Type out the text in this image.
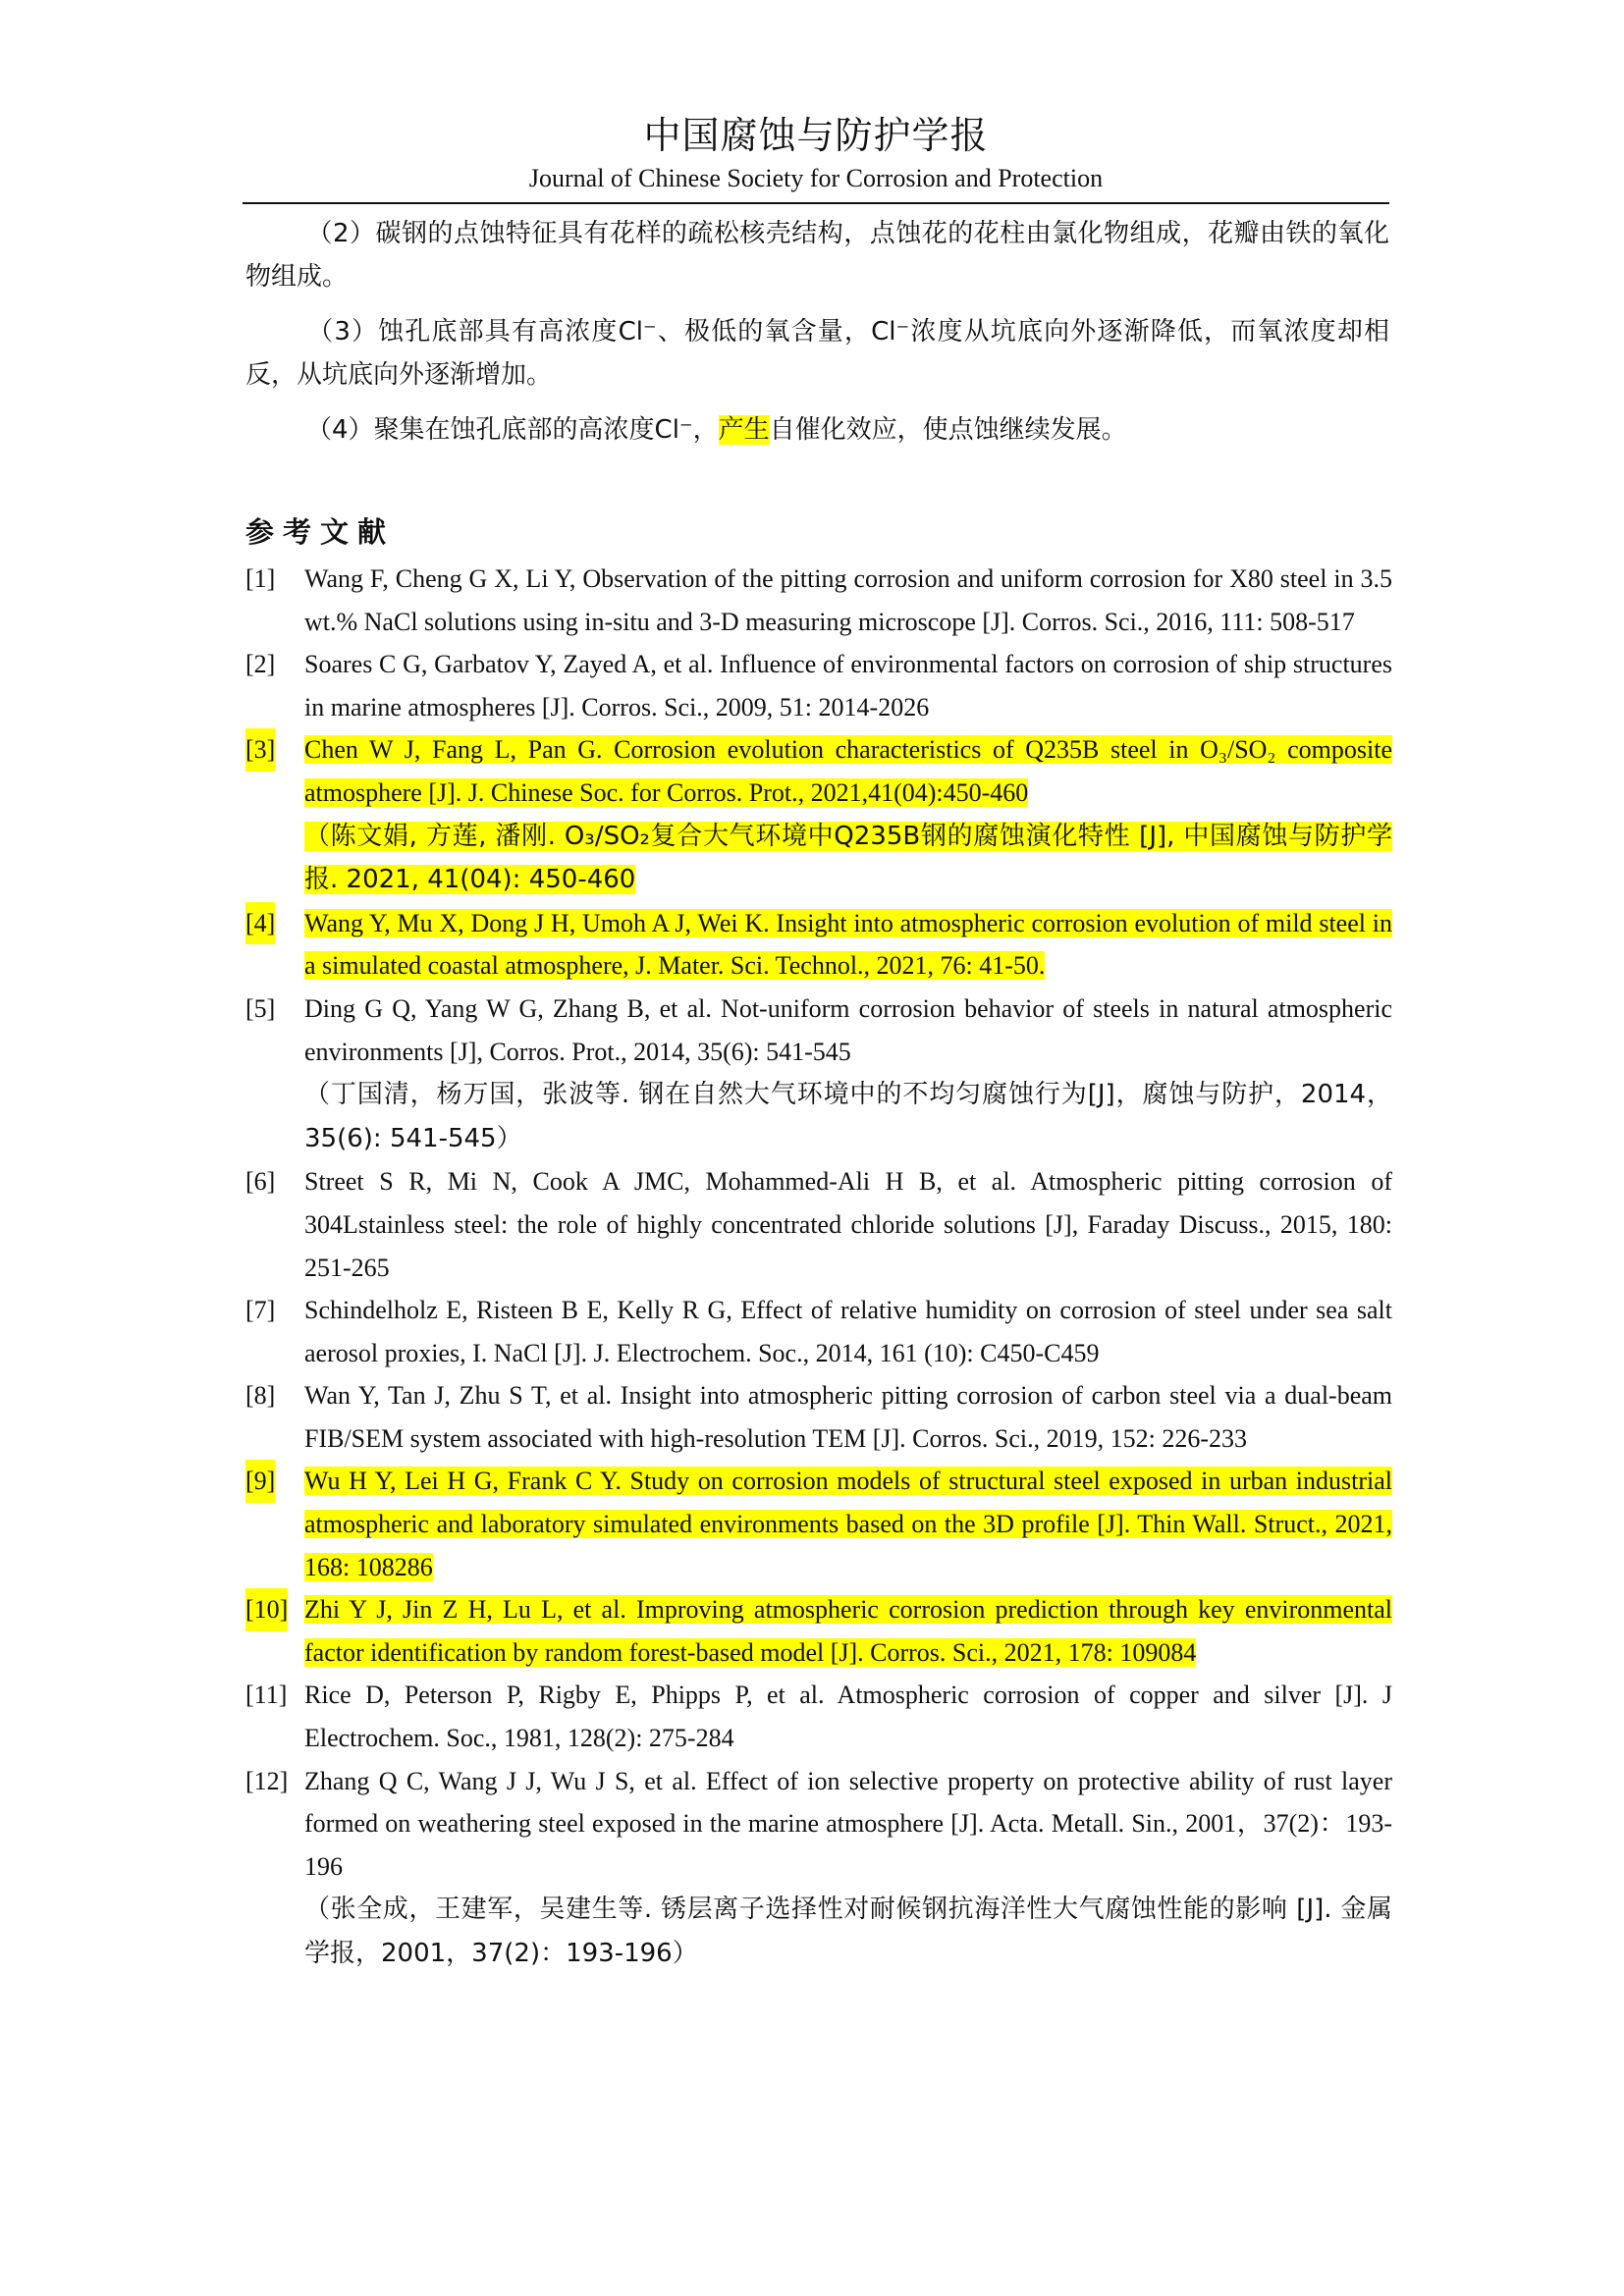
中国腐蚀与防护学报
Journal of Chinese Society for Corrosion and Protection

（2）碳钢的点蚀特征具有花样的疏松核壳结构，点蚀花的花柱由氯化物组成，花瓣由铁的氧化物组成。

（3）蚀孔底部具有高浓度Cl⁻、极低的氧含量，Cl⁻浓度从坑底向外逐渐降低，而氧浓度却相反，从坑底向外逐渐增加。

（4）聚集在蚀孔底部的高浓度Cl⁻，产生自催化效应，使点蚀继续发展。

参考文献
[1] Wang F, Cheng G X, Li Y, Observation of the pitting corrosion and uniform corrosion for X80 steel in 3.5 wt.% NaCl solutions using in-situ and 3-D measuring microscope [J]. Corros. Sci., 2016, 111: 508-517
[2] Soares C G, Garbatov Y, Zayed A, et al. Influence of environmental factors on corrosion of ship structures in marine atmospheres [J]. Corros. Sci., 2009, 51: 2014-2026
[3] Chen W J, Fang L, Pan G. Corrosion evolution characteristics of Q235B steel in O₃/SO₂ composite atmosphere [J]. J. Chinese Soc. for Corros. Prot., 2021,41(04):450-460
（陈文娟, 方莲, 潘刚. O₃/SO₂复合大气环境中Q235B钢的腐蚀演化特性 [J], 中国腐蚀与防护学报. 2021, 41(04): 450-460
[4] Wang Y, Mu X, Dong J H, Umoh A J, Wei K. Insight into atmospheric corrosion evolution of mild steel in a simulated coastal atmosphere, J. Mater. Sci. Technol., 2021, 76: 41-50.
[5] Ding G Q, Yang W G, Zhang B, et al. Not-uniform corrosion behavior of steels in natural atmospheric environments [J], Corros. Prot., 2014, 35(6): 541-545
（丁国清，杨万国，张波等. 钢在自然大气环境中的不均匀腐蚀行为[J]，腐蚀与防护，2014，35(6): 541-545）
[6] Street S R, Mi N, Cook A JMC, Mohammed-Ali H B, et al. Atmospheric pitting corrosion of 304Lstainless steel: the role of highly concentrated chloride solutions [J], Faraday Discuss., 2015, 180: 251-265
[7] Schindelholz E, Risteen B E, Kelly R G, Effect of relative humidity on corrosion of steel under sea salt aerosol proxies, I. NaCl [J]. J. Electrochem. Soc., 2014, 161 (10): C450-C459
[8] Wan Y, Tan J, Zhu S T, et al. Insight into atmospheric pitting corrosion of carbon steel via a dual-beam FIB/SEM system associated with high-resolution TEM [J]. Corros. Sci., 2019, 152: 226-233
[9] Wu H Y, Lei H G, Frank C Y. Study on corrosion models of structural steel exposed in urban industrial atmospheric and laboratory simulated environments based on the 3D profile [J]. Thin Wall. Struct., 2021, 168: 108286
[10] Zhi Y J, Jin Z H, Lu L, et al. Improving atmospheric corrosion prediction through key environmental factor identification by random forest-based model [J]. Corros. Sci., 2021, 178: 109084
[11] Rice D, Peterson P, Rigby E, Phipps P, et al. Atmospheric corrosion of copper and silver [J]. J Electrochem. Soc., 1981, 128(2): 275-284
[12] Zhang Q C, Wang J J, Wu J S, et al. Effect of ion selective property on protective ability of rust layer formed on weathering steel exposed in the marine atmosphere [J]. Acta. Metall. Sin., 2001，37(2)：193-196
（张全成，王建军，吴建生等. 锈层离子选择性对耐候钢抗海洋性大气腐蚀性能的影响 [J]. 金属学报，2001，37(2)：193-196）
